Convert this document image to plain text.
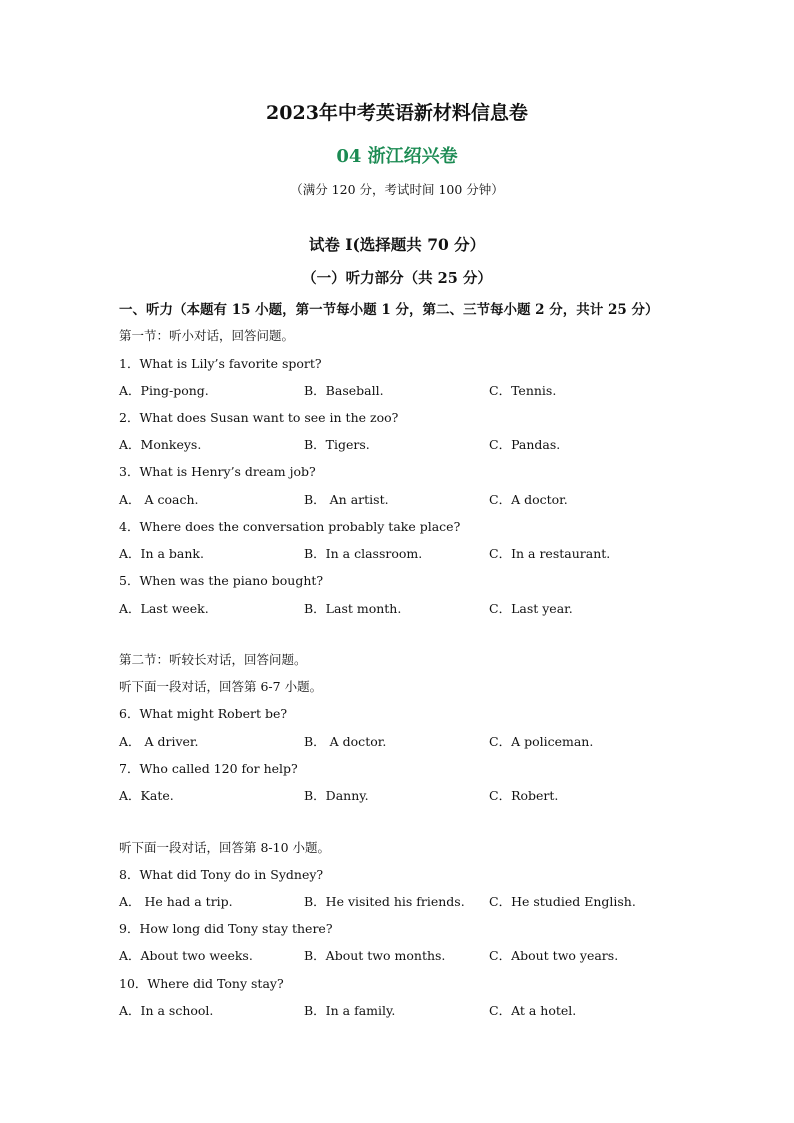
2023年中考英语新材料信息卷
04 浙江绍兴卷
（满分 120 分，考试时间 100 分钟）
试卷 I(选择题共 70 分）
（一）听力部分（共 25 分）
一、听力（本题有 15 小题，第一节每小题 1 分，第二、三节每小题 2 分，共计 25 分）
第一节：听小对话，回答问题。
1．What is Lily’s favorite sport?
A．Ping-pong.	B．Baseball.	C．Tennis.
2．What does Susan want to see in the zoo?
A．Monkeys.	B．Tigers.	C．Pandas.
3．What is Henry’s dream job?
A． A coach.	B． An artist.	C．A doctor.
4．Where does the conversation probably take place?
A．In a bank.	B．In a classroom.	C．In a restaurant.
5．When was the piano bought?
A．Last week.	B．Last month.	C．Last year.
第二节：听较长对话，回答问题。
听下面一段对话，回答第 6-7 小题。
6．What might Robert be?
A． A driver.	B． A doctor.	C．A policeman.
7．Who called 120 for help?
A．Kate.	B．Danny.	C．Robert.
听下面一段对话，回答第 8-10 小题。
8．What did Tony do in Sydney?
A． He had a trip.	B．He visited his friends. C．He studied English.
9．How long did Tony stay there?
A．About two weeks.	B．About two months.	C．About two years.
10．Where did Tony stay?
A．In a school.	B．In a family.	C．At a hotel.
